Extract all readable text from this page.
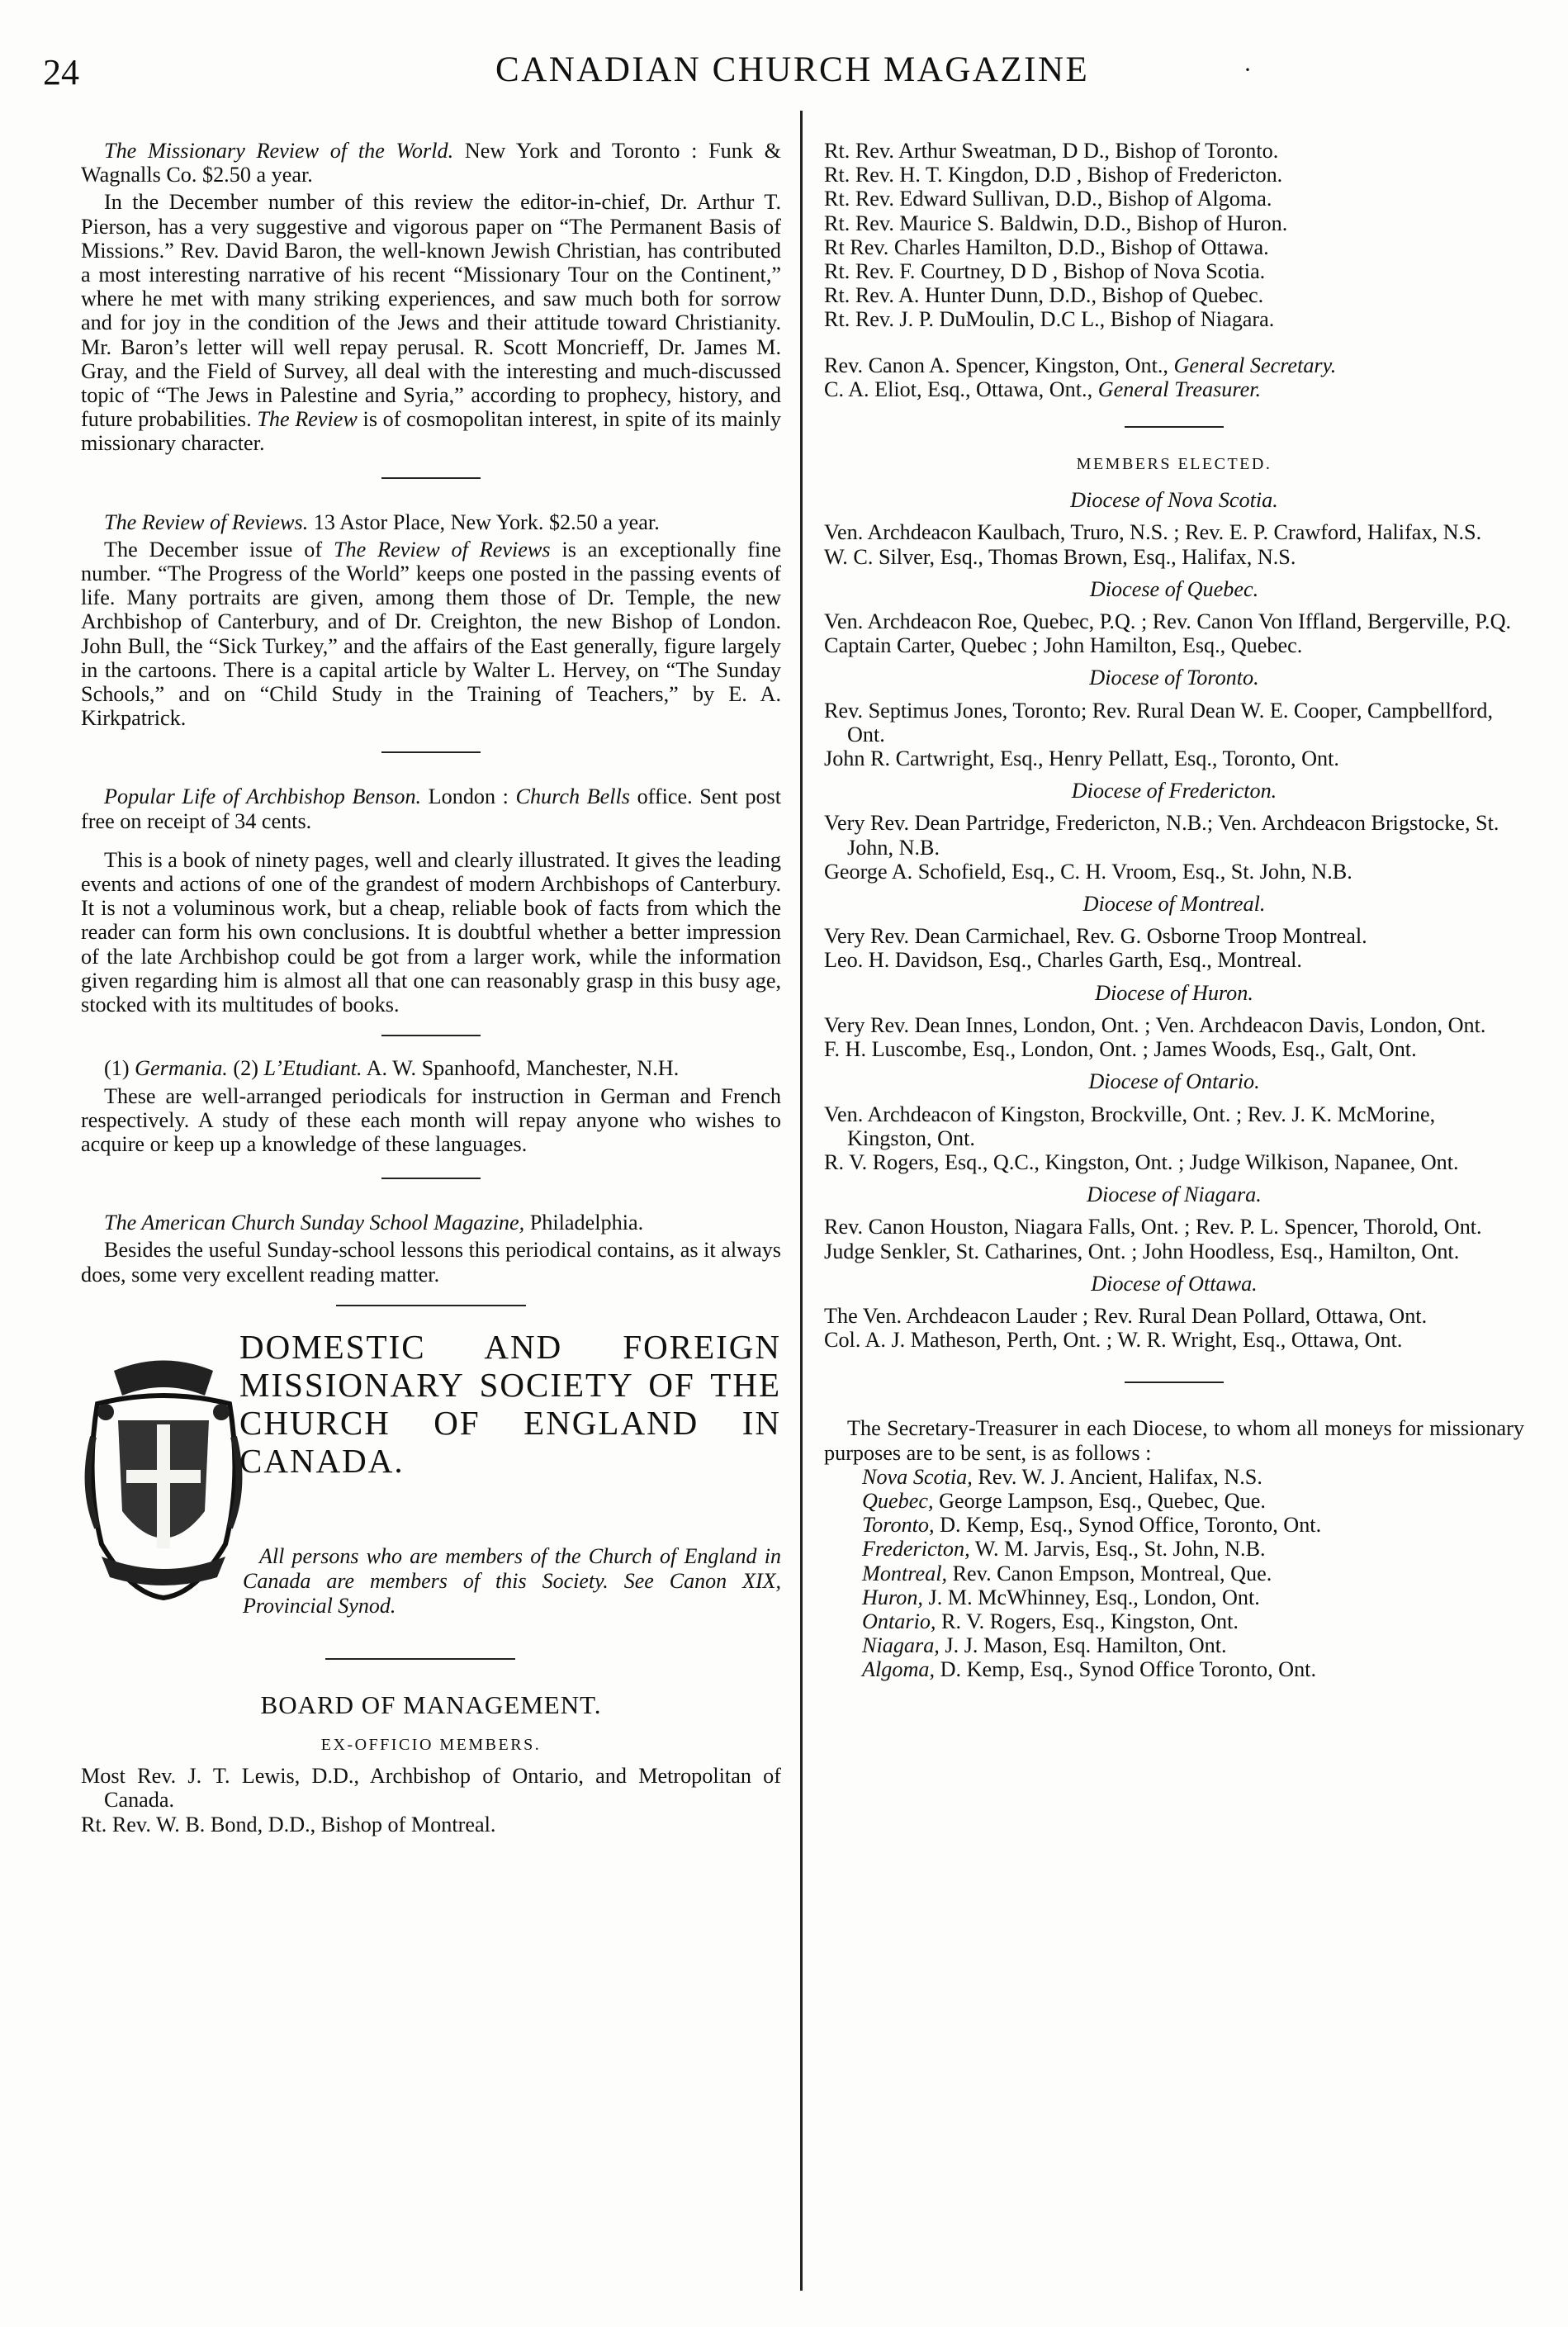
24	CANADIAN CHURCH MAGAZINE	·

The Missionary Review of the World. New York and Toronto : Funk & Wagnalls Co. $2.50 a year.

In the December number of this review the editor-in-chief, Dr. Arthur T. Pierson, has a very suggestive and vigorous paper on “The Permanent Basis of Missions.” Rev. David Baron, the well-known Jewish Christian, has contributed a most interesting narrative of his recent “Missionary Tour on the Continent,” where he met with many striking experiences, and saw much both for sorrow and for joy in the condition of the Jews and their attitude toward Christianity. Mr. Baron’s letter will well repay perusal. R. Scott Moncrieff, Dr. James M. Gray, and the Field of Survey, all deal with the interesting and much-discussed topic of “The Jews in Palestine and Syria,” according to prophecy, history, and future probabilities. The Review is of cosmopolitan interest, in spite of its mainly missionary character.

The Review of Reviews. 13 Astor Place, New York. $2.50 a year.

The December issue of The Review of Reviews is an exceptionally fine number. “The Progress of the World” keeps one posted in the passing events of life. Many portraits are given, among them those of Dr. Temple, the new Archbishop of Canterbury, and of Dr. Creighton, the new Bishop of London. John Bull, the “Sick Turkey,” and the affairs of the East generally, figure largely in the cartoons. There is a capital article by Walter L. Hervey, on “The Sunday Schools,” and on “Child Study in the Training of Teachers,” by E. A. Kirkpatrick.

Popular Life of Archbishop Benson. London : Church Bells office. Sent post free on receipt of 34 cents.

This is a book of ninety pages, well and clearly illustrated. It gives the leading events and actions of one of the grandest of modern Archbishops of Canterbury. It is not a voluminous work, but a cheap, reliable book of facts from which the reader can form his own conclusions. It is doubtful whether a better impression of the late Archbishop could be got from a larger work, while the information given regarding him is almost all that one can reasonably grasp in this busy age, stocked with its multitudes of books.

(1) Germania. (2) L’Etudiant. A. W. Spanhoofd, Manchester, N.H.

These are well-arranged periodicals for instruction in German and French respectively. A study of these each month will repay anyone who wishes to acquire or keep up a knowledge of these languages.

The American Church Sunday School Magazine, Philadelphia.

Besides the useful Sunday-school lessons this periodical contains, as it always does, some very excellent reading matter.

DOMESTIC AND FOREIGN MISSIONARY SOCIETY OF THE CHURCH OF ENGLAND IN CANADA.
All persons who are members of the Church of England in Canada are members of this Society. See Canon XIX, Provincial Synod.
BOARD OF MANAGEMENT.
EX-OFFICIO MEMBERS.

Most Rev. J. T. Lewis, D.D., Archbishop of Ontario, and Metropolitan of Canada.

Rt. Rev. W. B. Bond, D.D., Bishop of Montreal.

Rt. Rev. Arthur Sweatman, D D., Bishop of Toronto.

Rt. Rev. H. T. Kingdon, D.D , Bishop of Fredericton.

Rt. Rev. Edward Sullivan, D.D., Bishop of Algoma.

Rt. Rev. Maurice S. Baldwin, D.D., Bishop of Huron.

Rt Rev. Charles Hamilton, D.D., Bishop of Ottawa.

Rt. Rev. F. Courtney, D D , Bishop of Nova Scotia.

Rt. Rev. A. Hunter Dunn, D.D., Bishop of Quebec.

Rt. Rev. J. P. DuMoulin, D.C L., Bishop of Niagara.

Rev. Canon A. Spencer, Kingston, Ont., General Secretary.

C. A. Eliot, Esq., Ottawa, Ont., General Treasurer.

MEMBERS ELECTED.
Diocese of Nova Scotia.

Ven. Archdeacon Kaulbach, Truro, N.S. ; Rev. E. P. Crawford, Halifax, N.S.

W. C. Silver, Esq., Thomas Brown, Esq., Halifax, N.S.

Diocese of Quebec.

Ven. Archdeacon Roe, Quebec, P.Q. ; Rev. Canon Von Iffland, Bergerville, P.Q.

Captain Carter, Quebec ; John Hamilton, Esq., Quebec.

Diocese of Toronto.

Rev. Septimus Jones, Toronto; Rev. Rural Dean W. E. Cooper, Campbellford, Ont.

John R. Cartwright, Esq., Henry Pellatt, Esq., Toronto, Ont.

Diocese of Fredericton.

Very Rev. Dean Partridge, Fredericton, N.B.; Ven. Archdeacon Brigstocke, St. John, N.B.

George A. Schofield, Esq., C. H. Vroom, Esq., St. John, N.B.

Diocese of Montreal.

Very Rev. Dean Carmichael, Rev. G. Osborne Troop Montreal.

Leo. H. Davidson, Esq., Charles Garth, Esq., Montreal.

Diocese of Huron.

Very Rev. Dean Innes, London, Ont. ; Ven. Archdeacon Davis, London, Ont.

F. H. Luscombe, Esq., London, Ont. ; James Woods, Esq., Galt, Ont.

Diocese of Ontario.

Ven. Archdeacon of Kingston, Brockville, Ont. ; Rev. J. K. McMorine, Kingston, Ont.

R. V. Rogers, Esq., Q.C., Kingston, Ont. ; Judge Wilkison, Napanee, Ont.

Diocese of Niagara.

Rev. Canon Houston, Niagara Falls, Ont. ; Rev. P. L. Spencer, Thorold, Ont.

Judge Senkler, St. Catharines, Ont. ; John Hoodless, Esq., Hamilton, Ont.

Diocese of Ottawa.

The Ven. Archdeacon Lauder ; Rev. Rural Dean Pollard, Ottawa, Ont.

Col. A. J. Matheson, Perth, Ont. ; W. R. Wright, Esq., Ottawa, Ont.

The Secretary-Treasurer in each Diocese, to whom all moneys for missionary purposes are to be sent, is as follows :

Nova Scotia, Rev. W. J. Ancient, Halifax, N.S.

Quebec, George Lampson, Esq., Quebec, Que.

Toronto, D. Kemp, Esq., Synod Office, Toronto, Ont.

Fredericton, W. M. Jarvis, Esq., St. John, N.B.

Montreal, Rev. Canon Empson, Montreal, Que.

Huron, J. M. McWhinney, Esq., London, Ont.

Ontario, R. V. Rogers, Esq., Kingston, Ont.

Niagara, J. J. Mason, Esq. Hamilton, Ont.

Algoma, D. Kemp, Esq., Synod Office Toronto, Ont.
